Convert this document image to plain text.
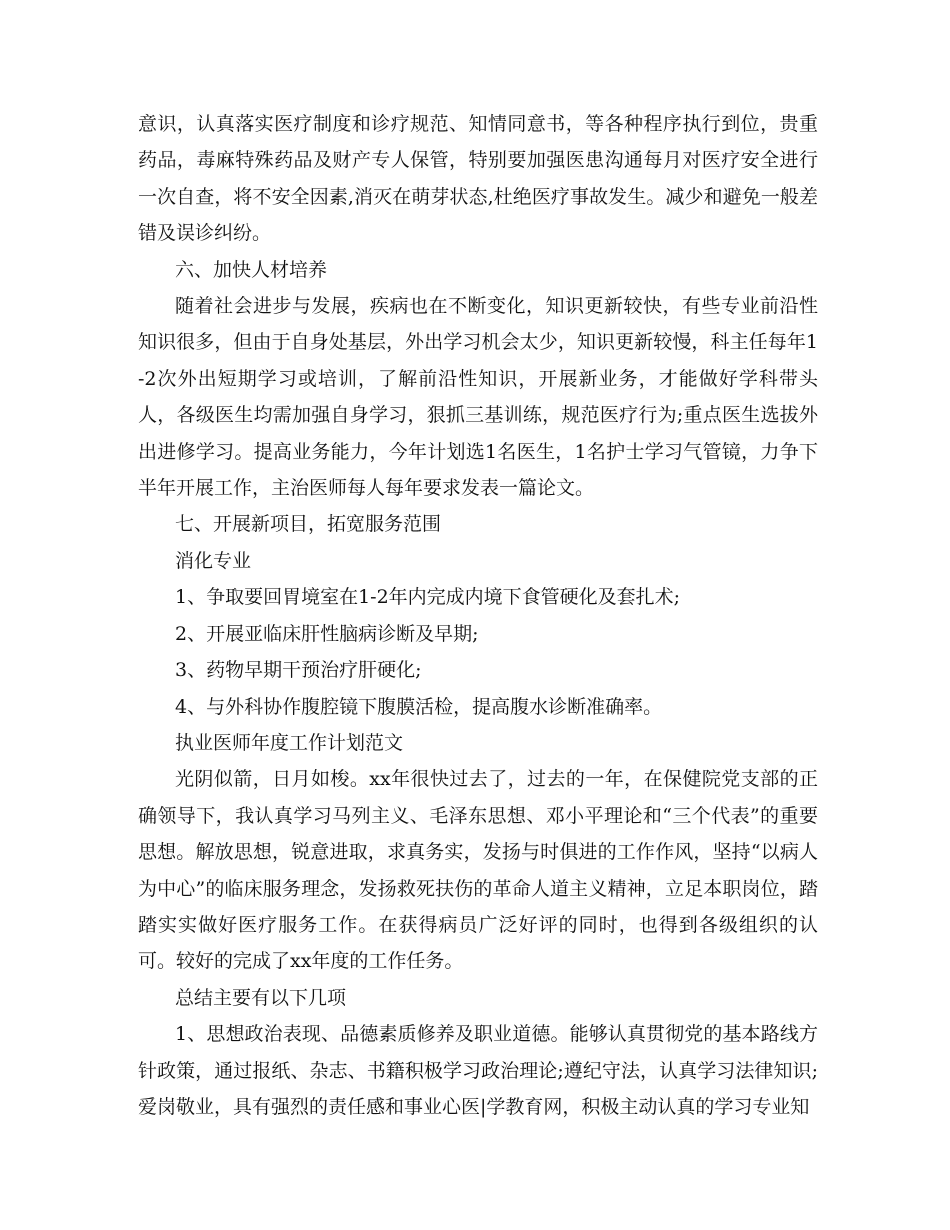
意识，认真落实医疗制度和诊疗规范、知情同意书，等各种程序执行到位，贵重药品，毒麻特殊药品及财产专人保管，特别要加强医患沟通每月对医疗安全进行一次自查，将不安全因素,消灭在萌芽状态,杜绝医疗事故发生。减少和避免一般差错及误诊纠纷。

六、加快人材培养

随着社会进步与发展，疾病也在不断变化，知识更新较快，有些专业前沿性知识很多，但由于自身处基层，外出学习机会太少，知识更新较慢，科主任每年1-2次外出短期学习或培训，了解前沿性知识，开展新业务，才能做好学科带头人，各级医生均需加强自身学习，狠抓三基训练，规范医疗行为;重点医生选拔外出进修学习。提高业务能力，今年计划选1名医生，1名护士学习气管镜，力争下半年开展工作，主治医师每人每年要求发表一篇论文。

七、开展新项目，拓宽服务范围

消化专业

1、争取要回胃境室在1-2年内完成内境下食管硬化及套扎术;

2、开展亚临床肝性脑病诊断及早期;

3、药物早期干预治疗肝硬化;

4、与外科协作腹腔镜下腹膜活检，提高腹水诊断准确率。

执业医师年度工作计划范文

光阴似箭，日月如梭。xx年很快过去了，过去的一年，在保健院党支部的正确领导下，我认真学习马列主义、毛泽东思想、邓小平理论和“三个代表”的重要思想。解放思想，锐意进取，求真务实，发扬与时俱进的工作作风，坚持“以病人为中心”的临床服务理念，发扬救死扶伤的革命人道主义精神，立足本职岗位，踏踏实实做好医疗服务工作。在获得病员广泛好评的同时，也得到各级组织的认可。较好的完成了xx年度的工作任务。

总结主要有以下几项

1、思想政治表现、品德素质修养及职业道德。能够认真贯彻党的基本路线方针政策，通过报纸、杂志、书籍积极学习政治理论;遵纪守法，认真学习法律知识;爱岗敬业，具有强烈的责任感和事业心医|学教育网，积极主动认真的学习专业知
